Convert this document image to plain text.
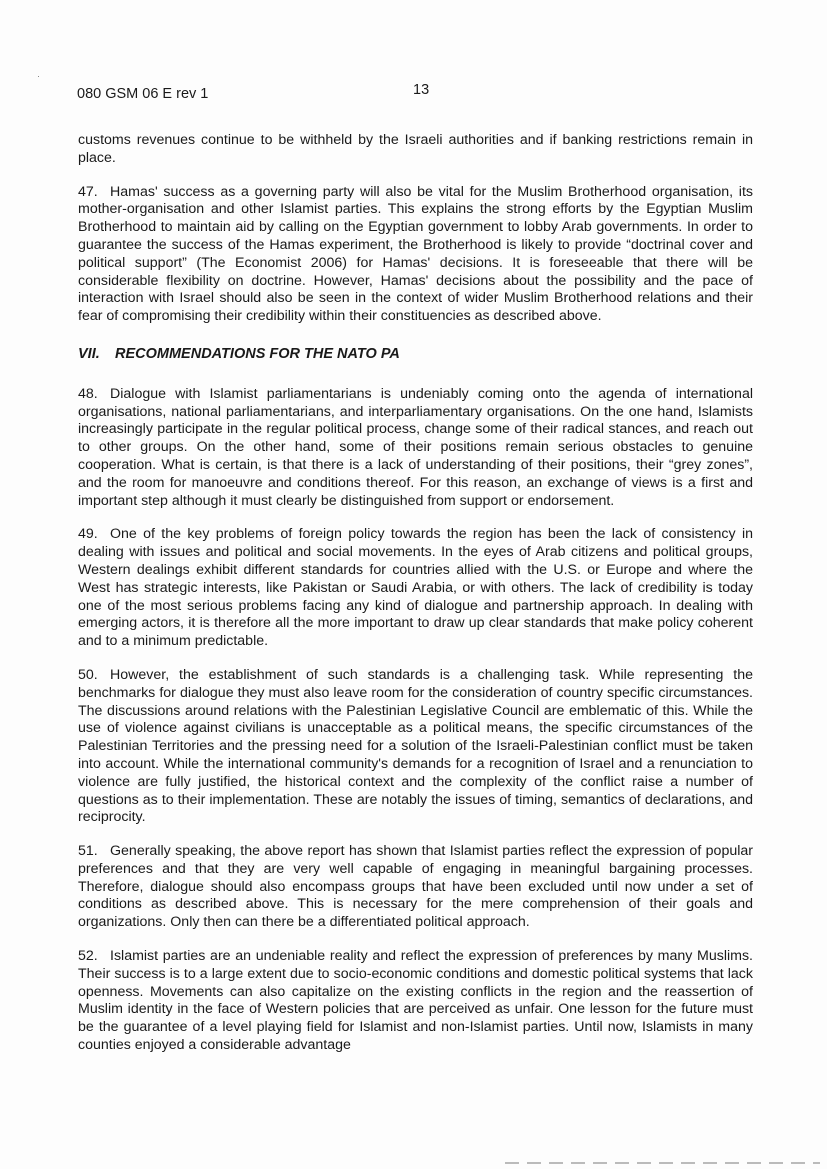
080 GSM 06 E rev 1	13

customs revenues continue to be withheld by the Israeli authorities and if banking restrictions remain in place.

47. Hamas' success as a governing party will also be vital for the Muslim Brotherhood organisation, its mother-organisation and other Islamist parties. This explains the strong efforts by the Egyptian Muslim Brotherhood to maintain aid by calling on the Egyptian government to lobby Arab governments. In order to guarantee the success of the Hamas experiment, the Brotherhood is likely to provide “doctrinal cover and political support” (The Economist 2006) for Hamas' decisions. It is foreseeable that there will be considerable flexibility on doctrine. However, Hamas' decisions about the possibility and the pace of interaction with Israel should also be seen in the context of wider Muslim Brotherhood relations and their fear of compromising their credibility within their constituencies as described above.

VII. RECOMMENDATIONS FOR THE NATO PA

48. Dialogue with Islamist parliamentarians is undeniably coming onto the agenda of international organisations, national parliamentarians, and interparliamentary organisations. On the one hand, Islamists increasingly participate in the regular political process, change some of their radical stances, and reach out to other groups. On the other hand, some of their positions remain serious obstacles to genuine cooperation. What is certain, is that there is a lack of understanding of their positions, their “grey zones”, and the room for manoeuvre and conditions thereof. For this reason, an exchange of views is a first and important step although it must clearly be distinguished from support or endorsement.

49. One of the key problems of foreign policy towards the region has been the lack of consistency in dealing with issues and political and social movements. In the eyes of Arab citizens and political groups, Western dealings exhibit different standards for countries allied with the U.S. or Europe and where the West has strategic interests, like Pakistan or Saudi Arabia, or with others. The lack of credibility is today one of the most serious problems facing any kind of dialogue and partnership approach. In dealing with emerging actors, it is therefore all the more important to draw up clear standards that make policy coherent and to a minimum predictable.

50. However, the establishment of such standards is a challenging task. While representing the benchmarks for dialogue they must also leave room for the consideration of country specific circumstances. The discussions around relations with the Palestinian Legislative Council are emblematic of this. While the use of violence against civilians is unacceptable as a political means, the specific circumstances of the Palestinian Territories and the pressing need for a solution of the Israeli-Palestinian conflict must be taken into account. While the international community's demands for a recognition of Israel and a renunciation to violence are fully justified, the historical context and the complexity of the conflict raise a number of questions as to their implementation. These are notably the issues of timing, semantics of declarations, and reciprocity.

51. Generally speaking, the above report has shown that Islamist parties reflect the expression of popular preferences and that they are very well capable of engaging in meaningful bargaining processes. Therefore, dialogue should also encompass groups that have been excluded until now under a set of conditions as described above. This is necessary for the mere comprehension of their goals and organizations. Only then can there be a differentiated political approach.

52. Islamist parties are an undeniable reality and reflect the expression of preferences by many Muslims. Their success is to a large extent due to socio-economic conditions and domestic political systems that lack openness. Movements can also capitalize on the existing conflicts in the region and the reassertion of Muslim identity in the face of Western policies that are perceived as unfair. One lesson for the future must be the guarantee of a level playing field for Islamist and non-Islamist parties. Until now, Islamists in many counties enjoyed a considerable advantage
